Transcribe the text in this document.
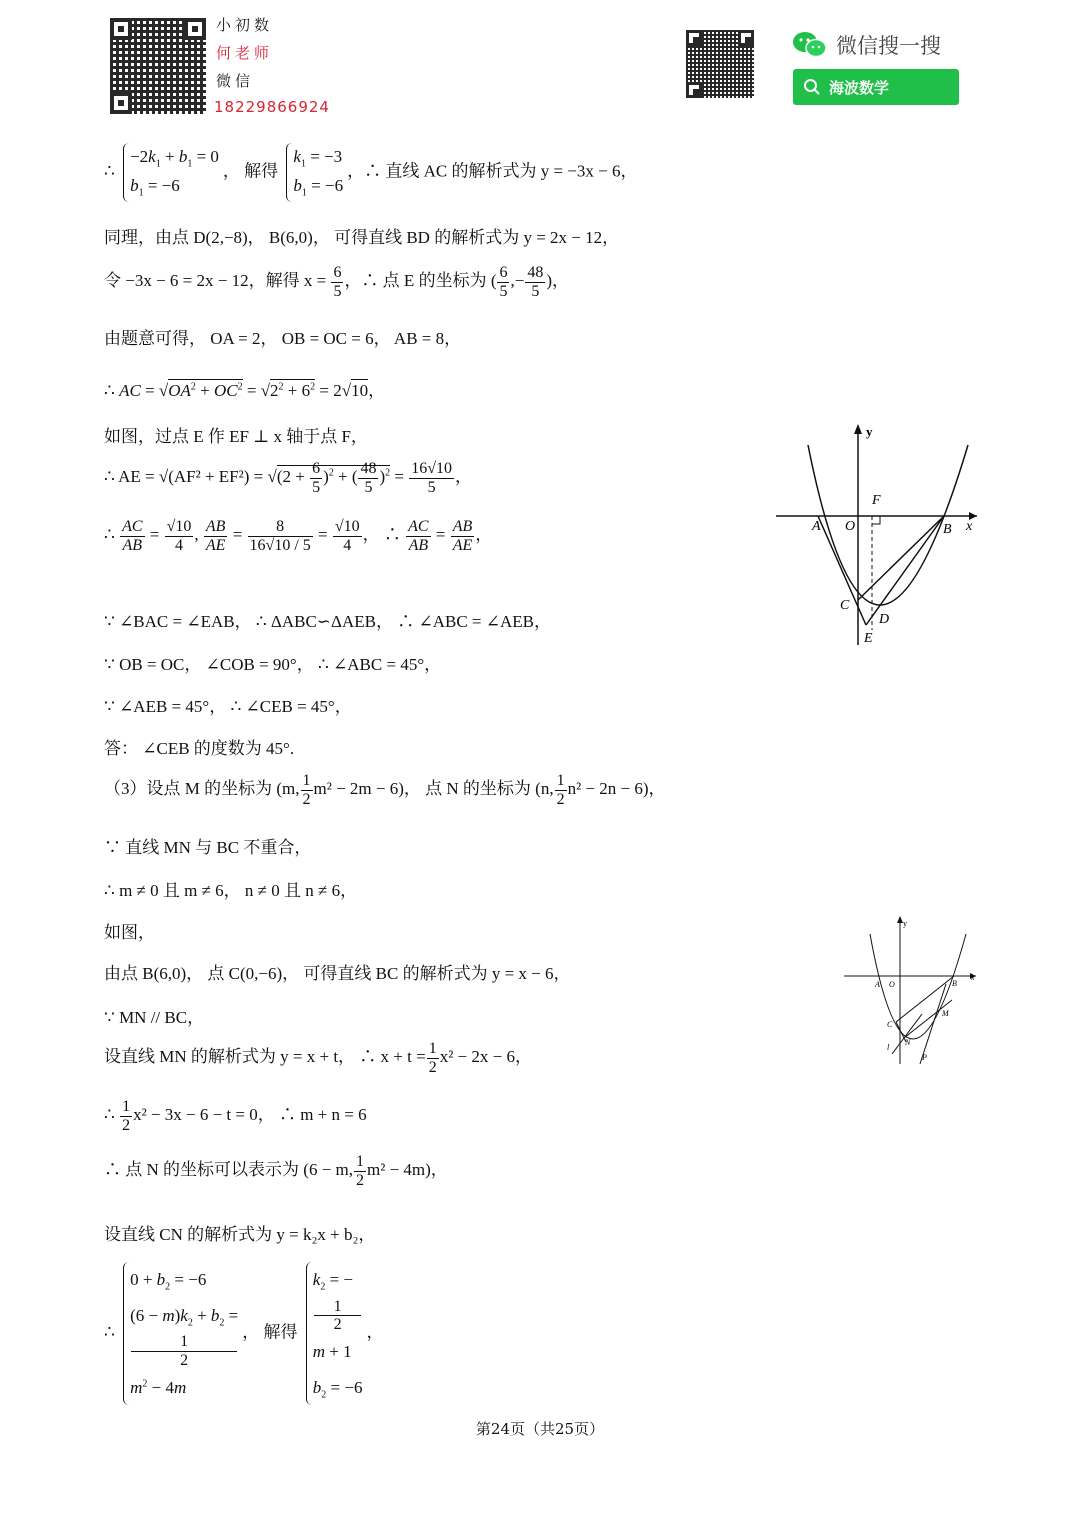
小初数
何老师
微信
18229866924
微信搜一搜
海波数学
∴
$-2k_1 + b_1 = 0$
$b_1 = -6$
， 解得
$k_1 = -3$
$b_1 = -6$
，∴ 直线 AC 的解析式为 y = −3x − 6，
同理，由点 D(2,−8)， B(6,0)， 可得直线 BD 的解析式为 y = 2x − 12，
令 −3x − 6 = 2x − 12，解得 $x = \frac{6}{5}$ ，∴ 点 E 的坐标为 ( $\frac{6}{5}$ ,− $\frac{48}{5}$ )，
由题意可得， OA = 2， OB = OC = 6， AB = 8，
∴ AC = $√OA^2 + OC^2 = √2^2 + 6^2 = 2√10$，
如图，过点 E 作 EF ⊥ x 轴于点 F，
∴ AE = $√(AF^2 + EF^2) = √(2 + \frac{6}{5} )^2$ + ( $\frac{48}{5} )^2 = \frac{16√10}{5}$ ，
∴ $\frac{AC}{AB} = \frac{√10}{4}$ , $\frac{AB}{AE} = \frac{8}{16√10 / 5} = \frac{√10}{4}$ ， ∴ $\frac{AC}{AB} = \frac{AB}{AE}$ ，
∵ ∠BAC = ∠EAB， ∴ ΔABC∽ΔAEB， ∴ ∠ABC = ∠AEB，
∵ OB = OC， ∠COB = 90°， ∴ ∠ABC = 45°，
∵ ∠AEB = 45°， ∴ ∠CEB = 45°，
答： ∠CEB 的度数为 45°.
（3）设点 M 的坐标为 (m, $\frac{1}{2} m^2 - 2m - 6$)， 点 N 的坐标为 (n, $\frac{1}{2} n^2 - 2n - 6$)，
∵ 直线 MN 与 BC 不重合，
∴ m ≠ 0 且 m ≠ 6， n ≠ 0 且 n ≠ 6，
如图，
由点 B(6,0)， 点 C(0,−6)， 可得直线 BC 的解析式为 y = x − 6，
∵ MN // BC，
设直线 MN 的解析式为 y = x + t， ∴ $x + t = \frac{1}{2} x^2 - 2x - 6$，
∴ $\frac{1}{2} x^2 - 3x - 6 - t = 0$， ∴ m + n = 6
∴ 点 N 的坐标可以表示为 (6 − m, $\frac{1}{2} m^2 - 4m$)，
设直线 CN 的解析式为 y = k₂x + b₂，
∴
$0 + b_2 = -6$
$(6 - m)k_2 + b_2$ =
1
2
$m^2 - 4m$
， 解得
$k_2$ = −
1
2
m + 1
$b_2 = -6$
，
y
x
F
A O	B
C
D
E
y
x
A O	B
C
M
N
P
l
第24页（共25页）
